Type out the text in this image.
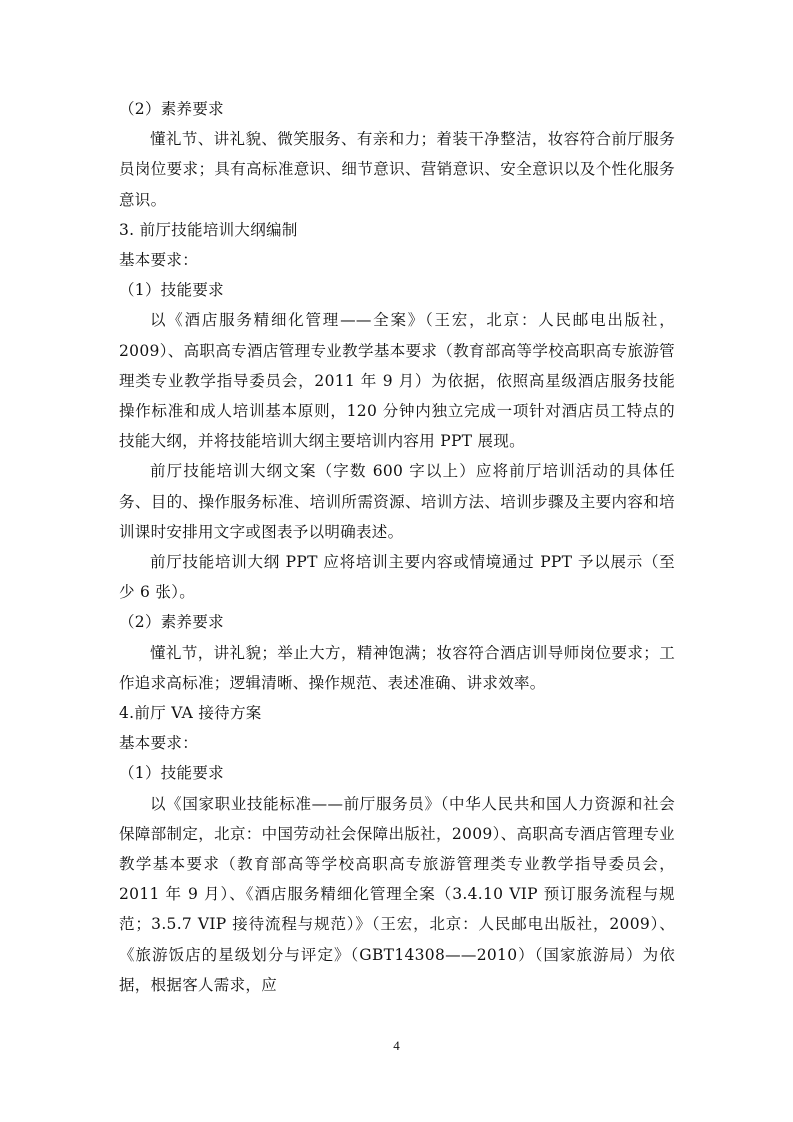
（2）素养要求

懂礼节、讲礼貌、微笑服务、有亲和力；着装干净整洁，妆容符合前厅服务员岗位要求；具有高标准意识、细节意识、营销意识、安全意识以及个性化服务意识。

3. 前厅技能培训大纲编制

基本要求：

（1）技能要求

以《酒店服务精细化管理——全案》（王宏，北京：人民邮电出版社，2009）、高职高专酒店管理专业教学基本要求（教育部高等学校高职高专旅游管理类专业教学指导委员会，2011 年 9 月）为依据，依照高星级酒店服务技能操作标准和成人培训基本原则，120 分钟内独立完成一项针对酒店员工特点的技能大纲，并将技能培训大纲主要培训内容用 PPT 展现。

前厅技能培训大纲文案（字数 600 字以上）应将前厅培训活动的具体任务、目的、操作服务标准、培训所需资源、培训方法、培训步骤及主要内容和培训课时安排用文字或图表予以明确表述。

前厅技能培训大纲 PPT 应将培训主要内容或情境通过 PPT 予以展示（至少 6 张）。

（2）素养要求

懂礼节，讲礼貌；举止大方，精神饱满；妆容符合酒店训导师岗位要求；工作追求高标准；逻辑清晰、操作规范、表述准确、讲求效率。

4.前厅 VA 接待方案

基本要求：

（1）技能要求

以《国家职业技能标准——前厅服务员》（中华人民共和国人力资源和社会保障部制定，北京：中国劳动社会保障出版社，2009）、高职高专酒店管理专业教学基本要求（教育部高等学校高职高专旅游管理类专业教学指导委员会，2011 年 9 月）、《酒店服务精细化管理全案（3.4.10 VIP 预订服务流程与规范；3.5.7 VIP 接待流程与规范）》（王宏，北京：人民邮电出版社，2009）、《旅游饭店的星级划分与评定》（GBT14308——2010）（国家旅游局）为依据，根据客人需求，应

4
